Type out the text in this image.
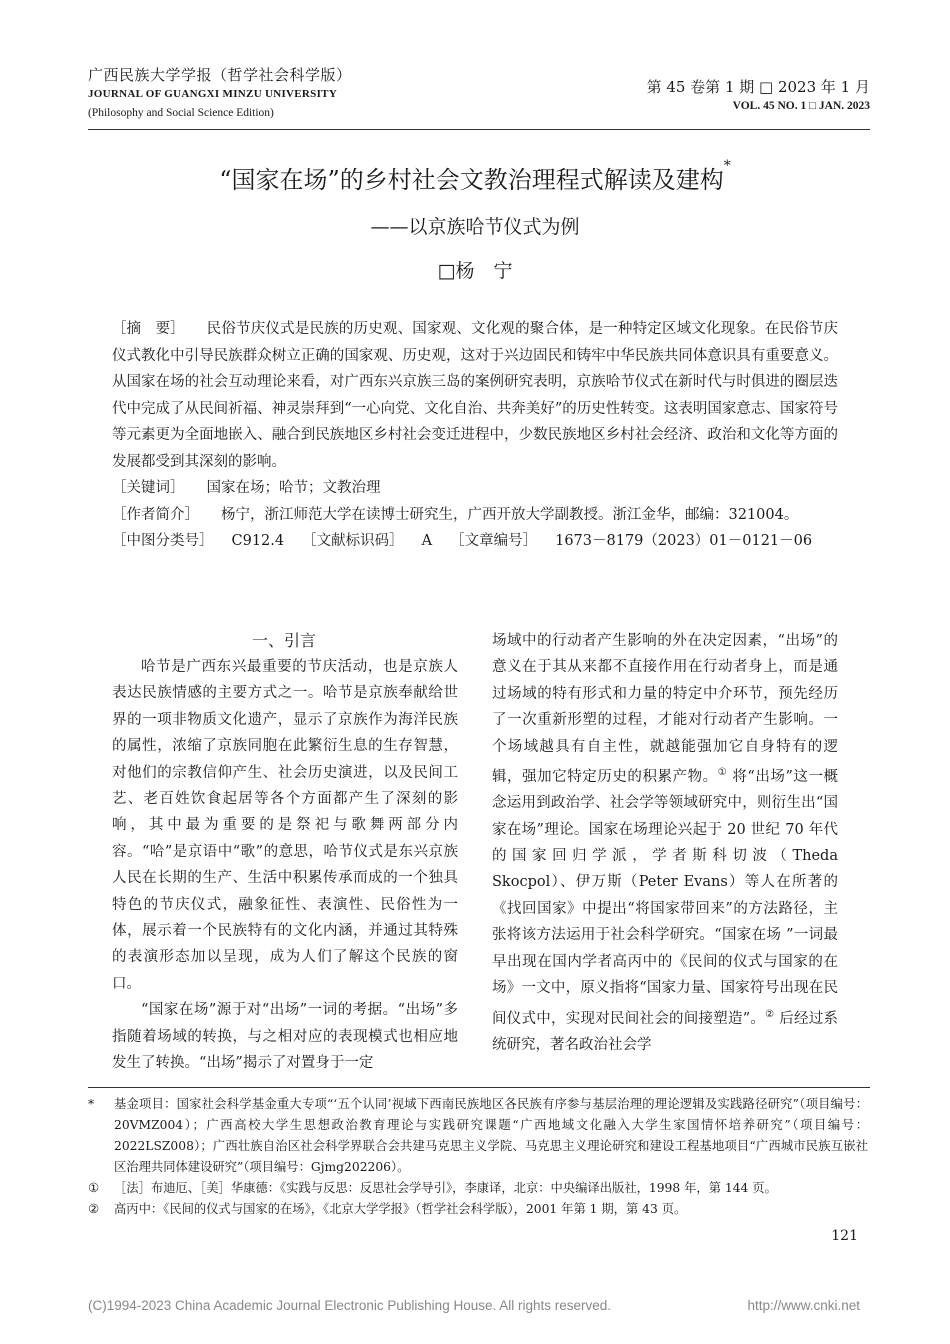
广西民族大学学报（哲学社会科学版）
JOURNAL OF GUANGXI MINZU UNIVERSITY
(Philosophy and Social Science Edition)
第 45 卷第 1 期 □ 2023 年 1 月
VOL. 45 NO. 1 □ JAN. 2023
“国家在场”的乡村社会文教治理程式解读及建构*
——以京族哈节仪式为例
□杨　宁

［摘　要］ 民俗节庆仪式是民族的历史观、国家观、文化观的聚合体，是一种特定区域文化现象。在民俗节庆仪式教化中引导民族群众树立正确的国家观、历史观，这对于兴边固民和铸牢中华民族共同体意识具有重要意义。从国家在场的社会互动理论来看，对广西东兴京族三岛的案例研究表明，京族哈节仪式在新时代与时俱进的圈层迭代中完成了从民间祈福、神灵崇拜到“一心向党、文化自治、共奔美好”的历史性转变。这表明国家意志、国家符号等元素更为全面地嵌入、融合到民族地区乡村社会变迁进程中，少数民族地区乡村社会经济、政治和文化等方面的发展都受到其深刻的影响。

［关键词］ 国家在场；哈节；文教治理

［作者简介］ 杨宁，浙江师范大学在读博士研究生，广西开放大学副教授。浙江金华，邮编：321004。

［中图分类号］ C912.4 ［文献标识码］ A ［文章编号］ 1673－8179（2023）01－0121－06

一、引言

哈节是广西东兴最重要的节庆活动，也是京族人表达民族情感的主要方式之一。哈节是京族奉献给世界的一项非物质文化遗产，显示了京族作为海洋民族的属性，浓缩了京族同胞在此繁衍生息的生存智慧，对他们的宗教信仰产生、社会历史演进，以及民间工艺、老百姓饮食起居等各个方面都产生了深刻的影响，其中最为重要的是祭祀与歌舞两部分内容。“哈”是京语中“歌”的意思，哈节仪式是东兴京族人民在长期的生产、生活中积累传承而成的一个独具特色的节庆仪式，融象征性、表演性、民俗性为一体，展示着一个民族特有的文化内涵，并通过其特殊的表演形态加以呈现，成为人们了解这个民族的窗口。

“国家在场”源于对“出场”一词的考据。“出场”多指随着场域的转换，与之相对应的表现模式也相应地发生了转换。“出场”揭示了对置身于一定

场域中的行动者产生影响的外在决定因素，“出场”的意义在于其从来都不直接作用在行动者身上，而是通过场域的特有形式和力量的特定中介环节，预先经历了一次重新形塑的过程，才能对行动者产生影响。一个场域越具有自主性，就越能强加它自身特有的逻辑，强加它特定历史的积累产物。① 将“出场”这一概念运用到政治学、社会学等领域研究中，则衍生出“国家在场”理论。国家在场理论兴起于 20 世纪 70 年代的国家回归学派，学者斯科切波（Theda Skocpol）、伊万斯（Peter Evans）等人在所著的《找回国家》中提出“将国家带回来”的方法路径，主张将该方法运用于社会科学研究。“国家在场 ”一词最早出现在国内学者高丙中的《民间的仪式与国家的在场》一文中，原义指将“国家力量、国家符号出现在民间仪式中，实现对民间社会的间接塑造”。② 后经过系统研究，著名政治社会学

* 基金项目：国家社会科学基金重大专项“‘五个认同’视域下西南民族地区各民族有序参与基层治理的理论逻辑及实践路径研究”（项目编号：20VMZ004）；广西高校大学生思想政治教育理论与实践研究课题“广西地域文化融入大学生家国情怀培养研究”（项目编号：2022LSZ008）；广西壮族自治区社会科学界联合会共建马克思主义学院、马克思主义理论研究和建设工程基地项目“广西城市民族互嵌社区治理共同体建设研究”（项目编号：Gjmg202206）。

① ［法］布迪厄、［美］华康德：《实践与反思：反思社会学导引》，李康译，北京：中央编译出版社，1998 年，第 144 页。

② 高丙中：《民间的仪式与国家的在场》，《北京大学学报》（哲学社会科学版），2001 年第 1 期，第 43 页。

121
(C)1994-2023 China Academic Journal Electronic Publishing House. All rights reserved.	http://www.cnki.net
